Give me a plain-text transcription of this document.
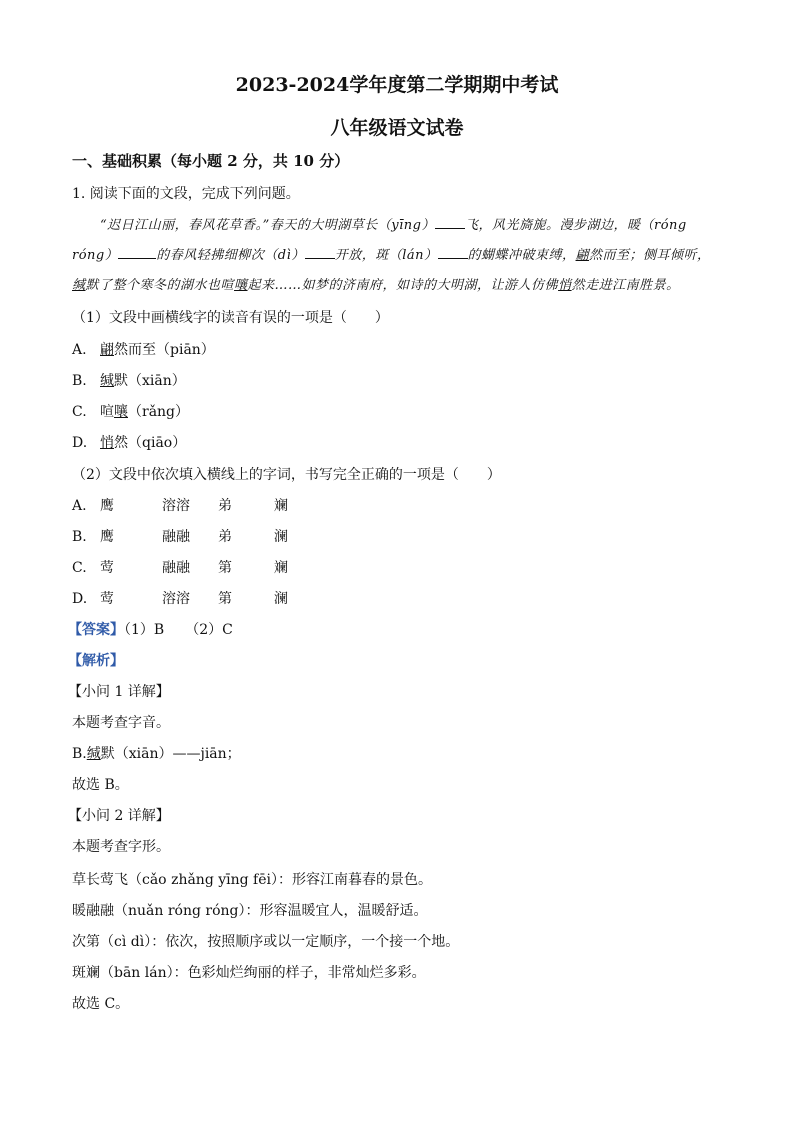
2023-2024学年度第二学期期中考试
八年级语文试卷

一、基础积累（每小题 2 分，共 10 分）

1. 阅读下面的文段，完成下列问题。

“迟日江山丽，春风花草香。”春天的大明湖草长（yīng） 飞，风光旖旎。漫步湖边，暖（róng

róng）	的春风轻拂细柳次（dì） 开放，斑（lán） 的蝴蝶冲破束缚，翩然而至；侧耳倾听，

缄默了整个寒冬的湖水也喧嚷起来……如梦的济南府，如诗的大明湖，让游人仿佛悄然走进江南胜景。

（1）文段中画横线字的读音有误的一项是（　　）

A. 翩然而至（piān）

B. 缄默（xiān）

C. 喧嚷（rǎng）

D. 悄然（qiāo）

（2）文段中依次填入横线上的字词，书写完全正确的一项是（　　）

A. 鹰	溶溶 弟	斓

B. 鹰	融融 弟	澜

C. 莺	融融 第	斓

D. 莺	溶溶 第	澜

【答案】（1）B　　（2）C

【解析】

【小问 1 详解】

本题考查字音。

B.缄默（xiān）——jiān；

故选 B。

【小问 2 详解】

本题考查字形。

草长莺飞（cǎo zhǎng yīng fēi）：形容江南暮春的景色。

暖融融（nuǎn róng róng）：形容温暖宜人，温暖舒适。

次第（cì dì）：依次，按照顺序或以一定顺序，一个接一个地。

斑斓（bān lán）：色彩灿烂绚丽的样子，非常灿烂多彩。

故选 C。
